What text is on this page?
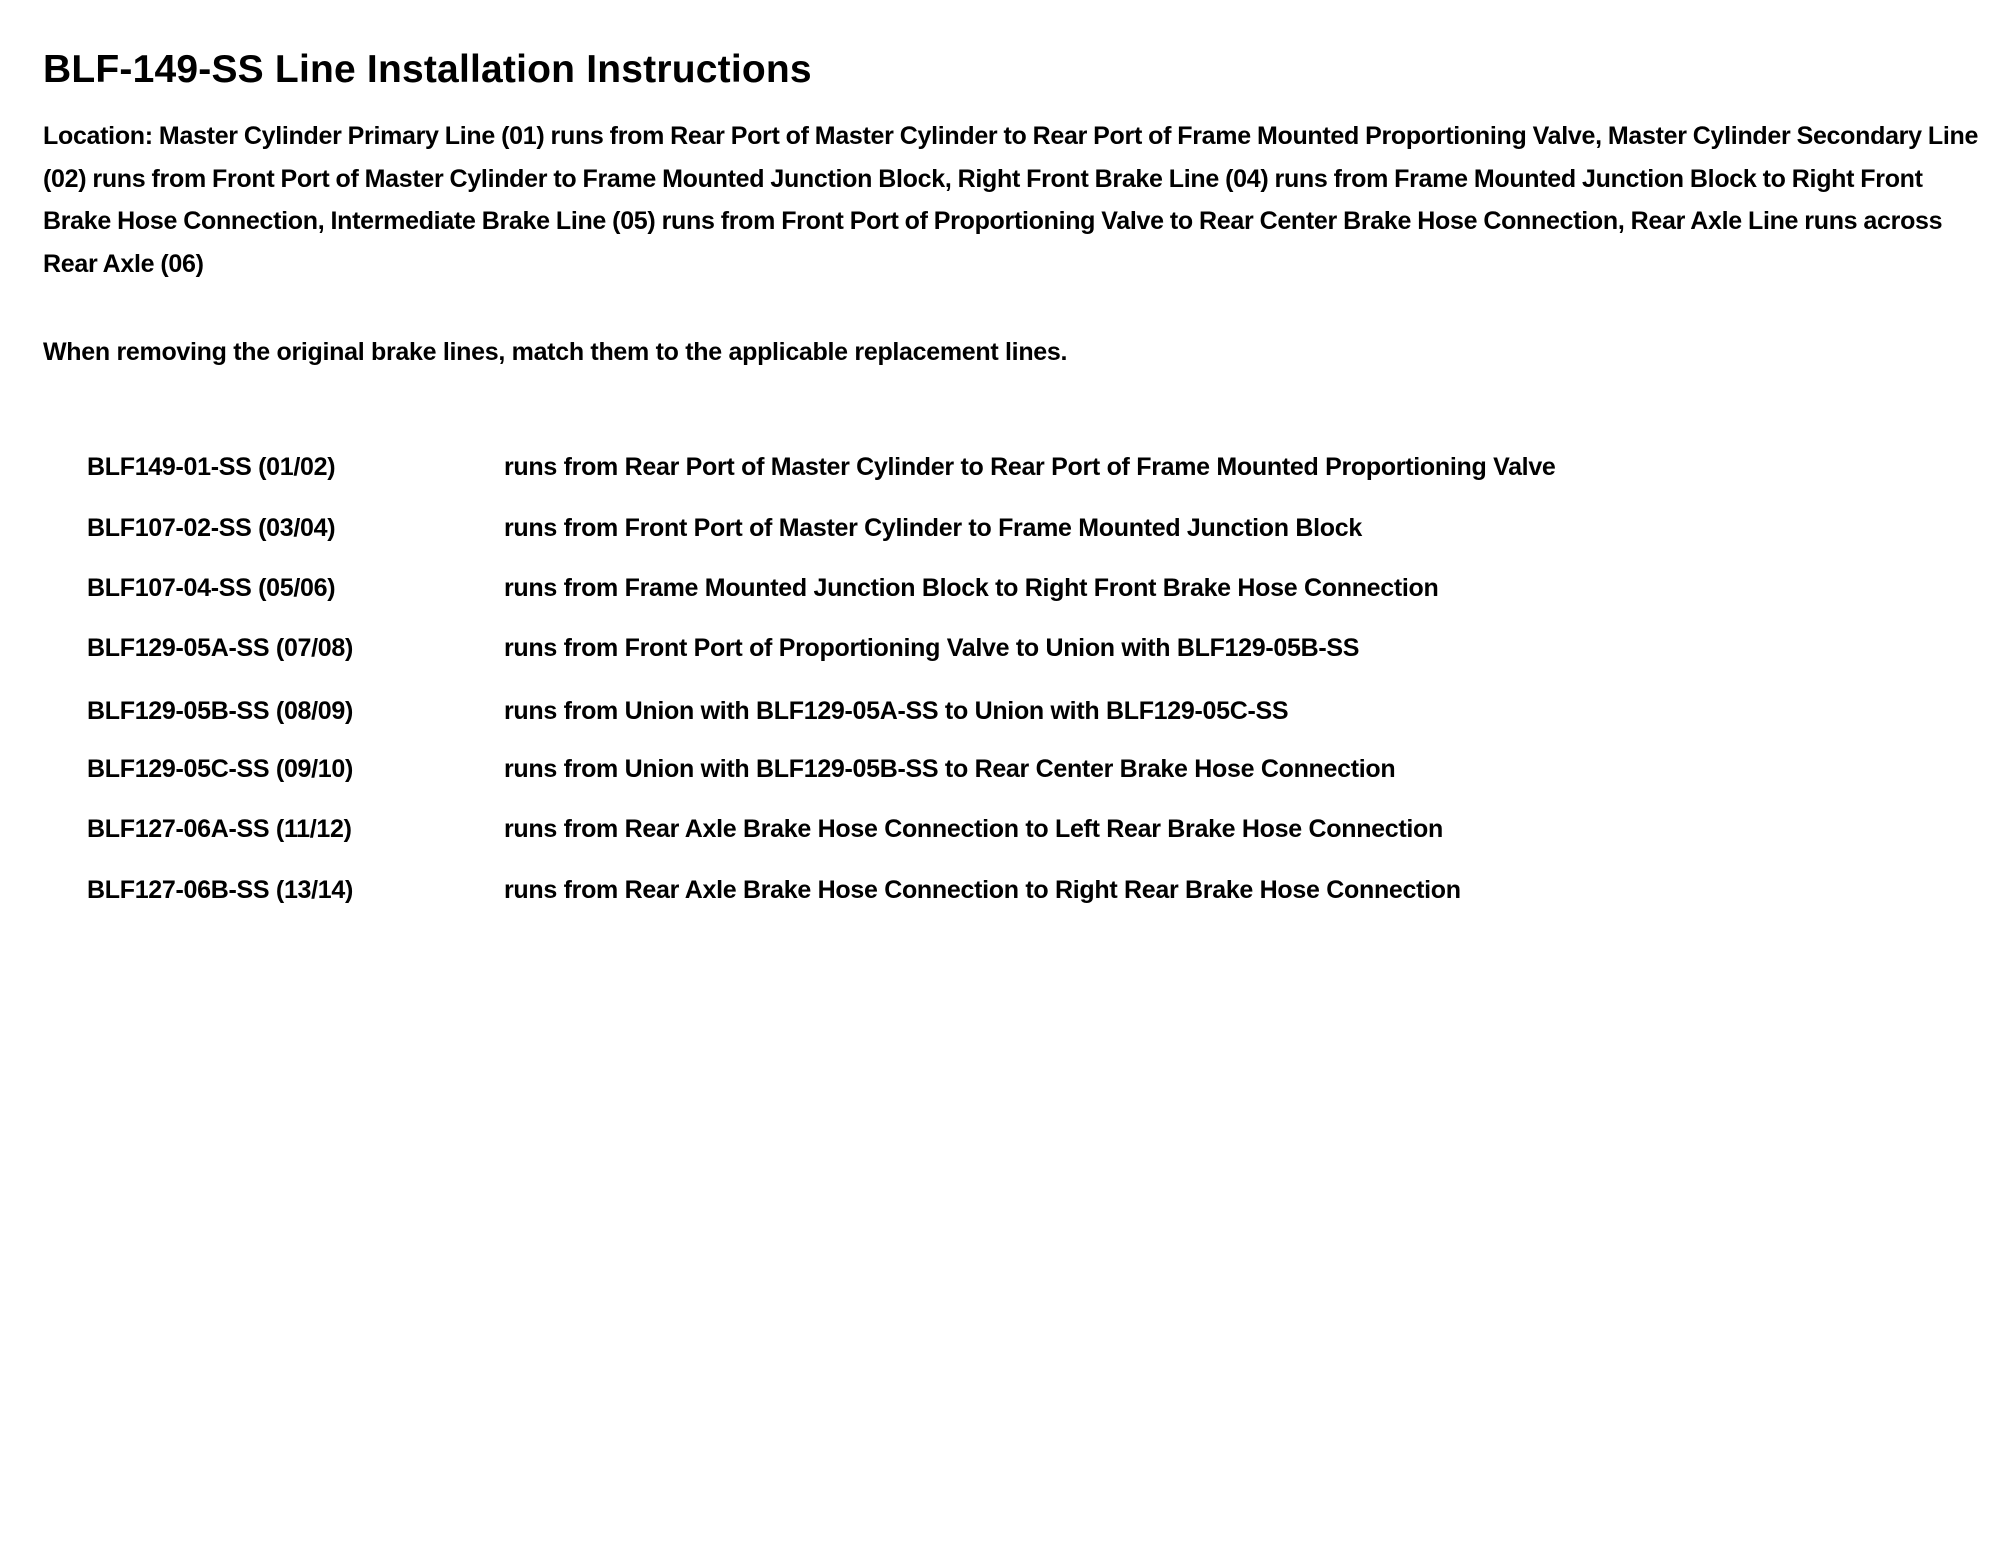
BLF-149-SS Line Installation Instructions

Location: Master Cylinder Primary Line (01) runs from Rear Port of Master Cylinder to Rear Port of Frame Mounted Proportioning Valve, Master Cylinder Secondary Line (02) runs from Front Port of Master Cylinder to Frame Mounted Junction Block, Right Front Brake Line (04) runs from Frame Mounted Junction Block to Right Front Brake Hose Connection, Intermediate Brake Line (05) runs from Front Port of Proportioning Valve to Rear Center Brake Hose Connection, Rear Axle Line runs across Rear Axle (06)

When removing the original brake lines, match them to the applicable replacement lines.

BLF149-01-SS (01/02)	runs from Rear Port of Master Cylinder to Rear Port of Frame Mounted Proportioning Valve
BLF107-02-SS (03/04)	runs from Front Port of Master Cylinder to Frame Mounted Junction Block
BLF107-04-SS (05/06)	runs from Frame Mounted Junction Block to Right Front Brake Hose Connection
BLF129-05A-SS (07/08)	runs from Front Port of Proportioning Valve to Union with BLF129-05B-SS
BLF129-05B-SS (08/09)	runs from Union with BLF129-05A-SS to Union with BLF129-05C-SS
BLF129-05C-SS (09/10)	runs from Union with BLF129-05B-SS to Rear Center Brake Hose Connection
BLF127-06A-SS (11/12)	runs from Rear Axle Brake Hose Connection to Left Rear Brake Hose Connection
BLF127-06B-SS (13/14)	runs from Rear Axle Brake Hose Connection to Right Rear Brake Hose Connection
